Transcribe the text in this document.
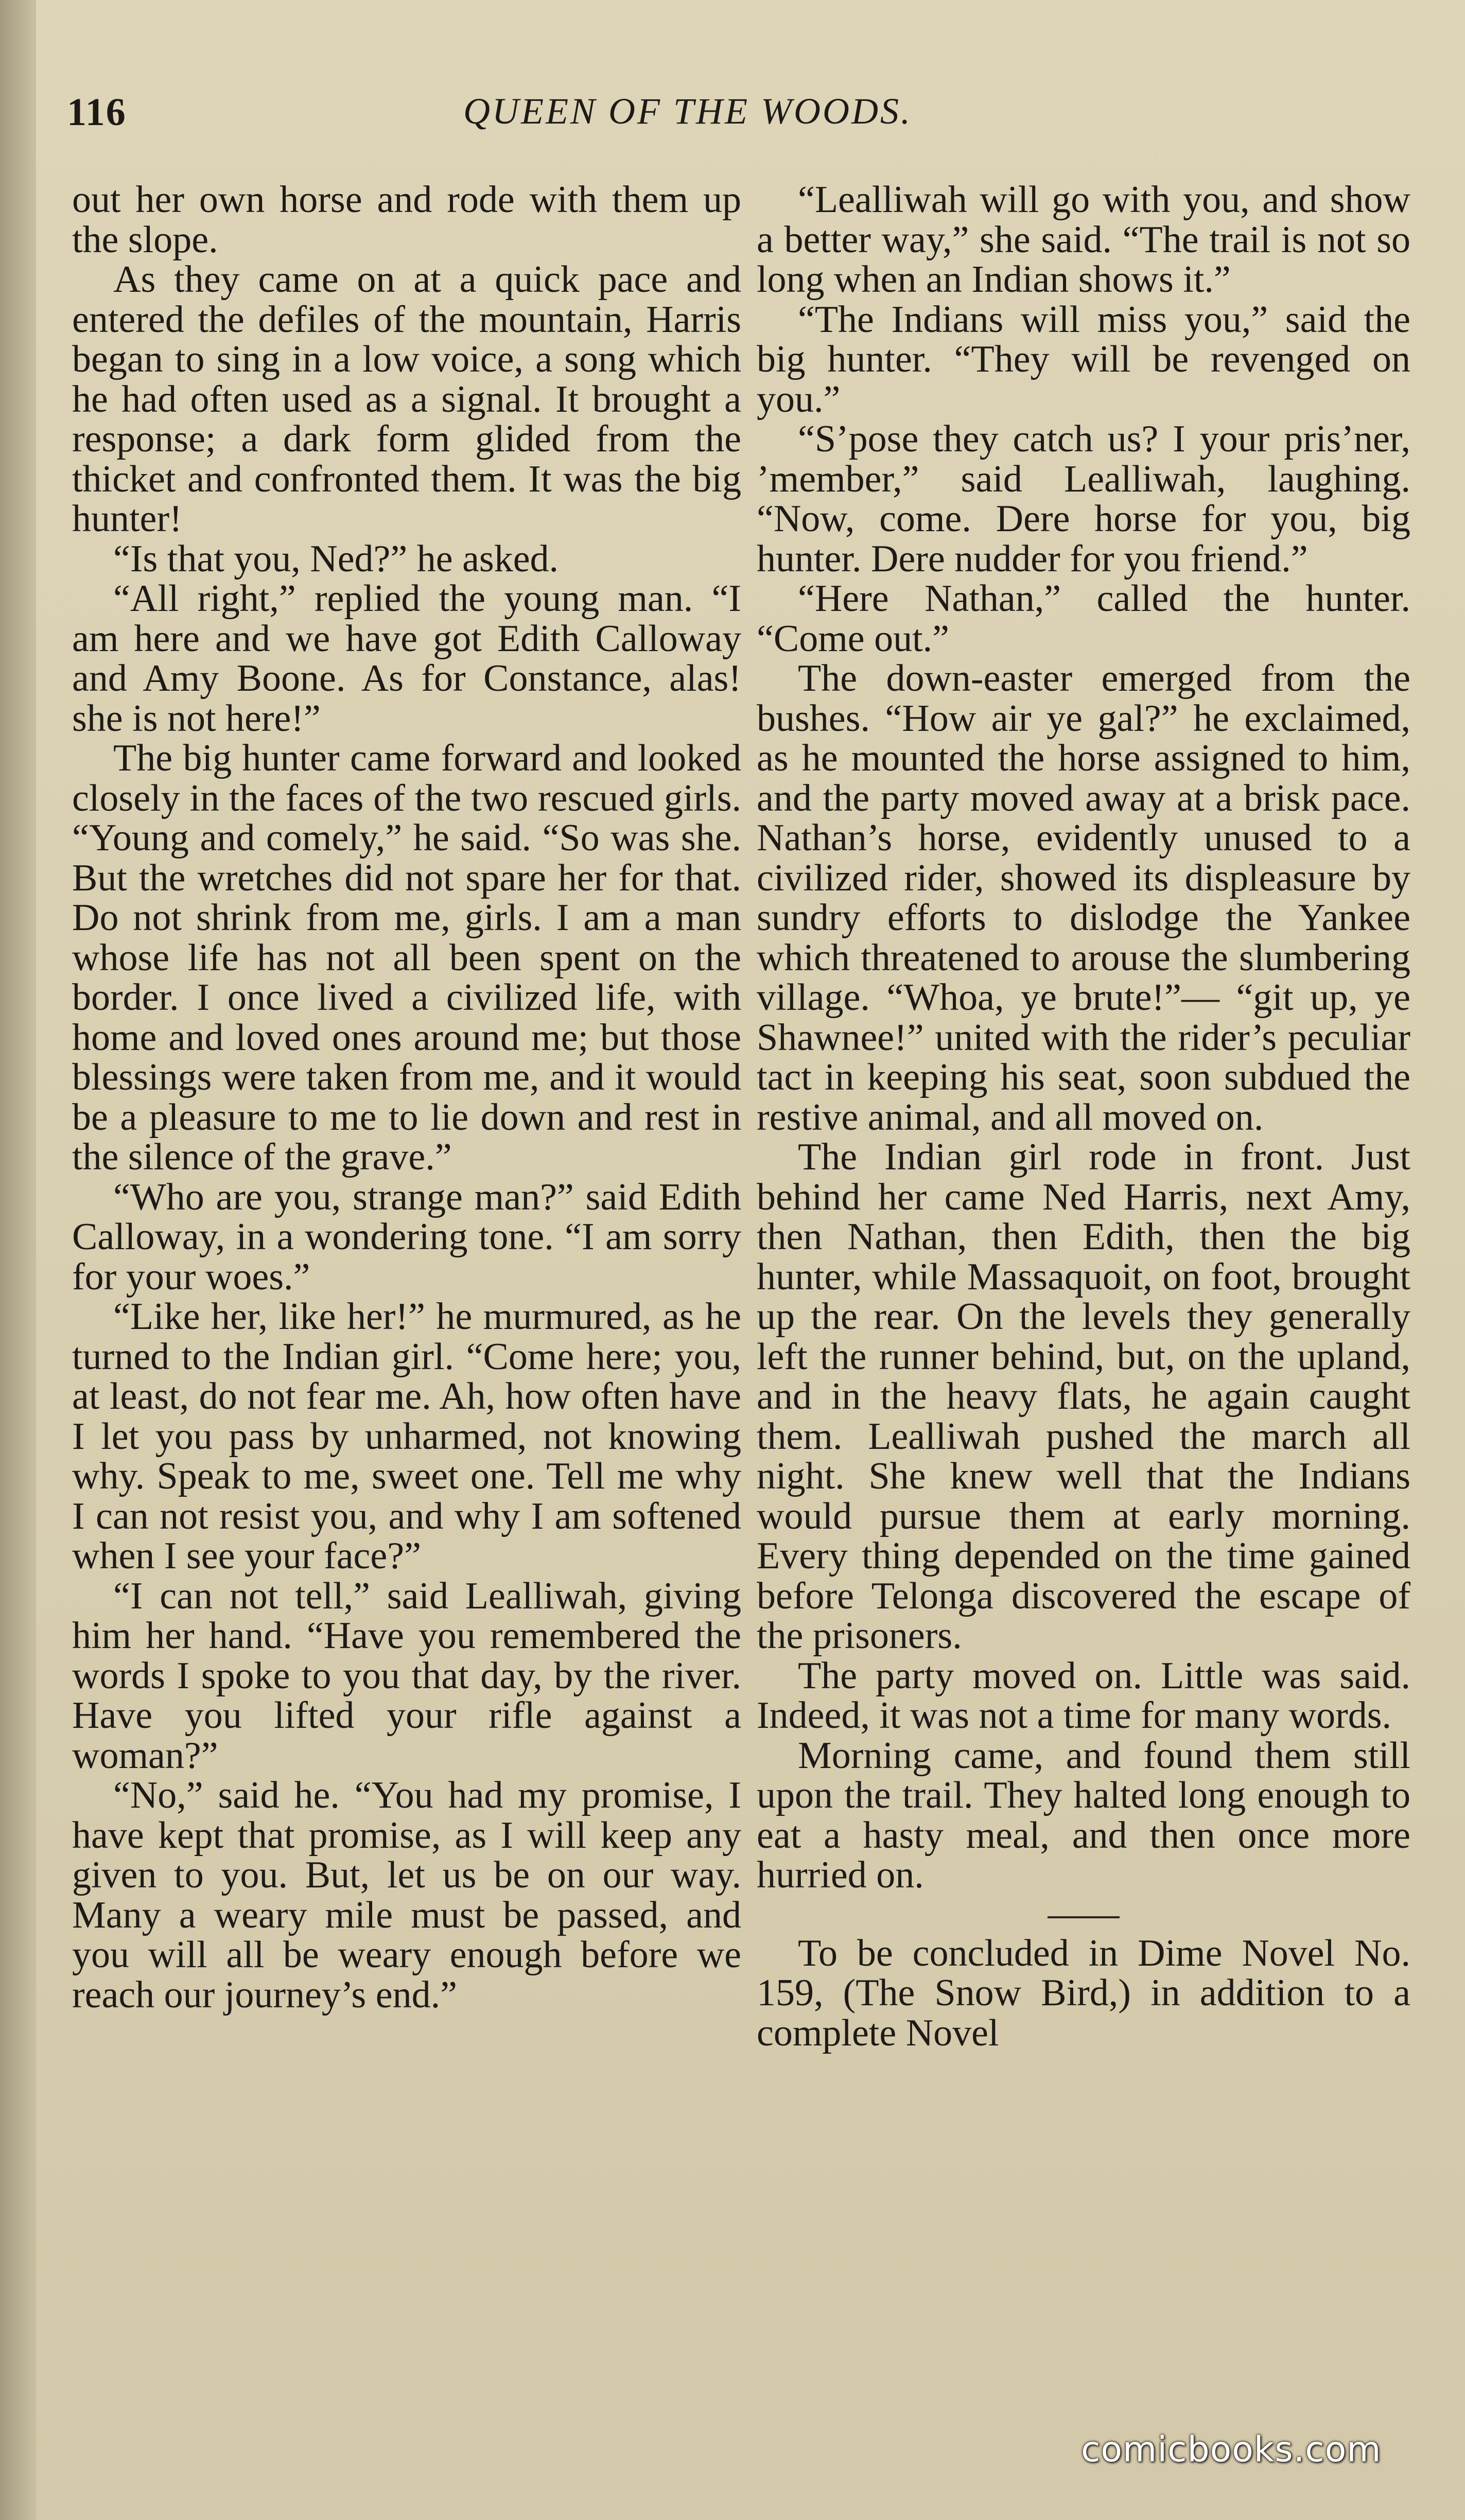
116	QUEEN OF THE WOODS.

out her own horse and rode with them up the slope.

As they came on at a quick pace and entered the defiles of the mountain, Harris began to sing in a low voice, a song which he had often used as a signal. It brought a response; a dark form glided from the thicket and confronted them. It was the big hunter!

“Is that you, Ned?” he asked.

“All right,” replied the young man. “I am here and we have got Edith Calloway and Amy Boone. As for Constance, alas! she is not here!”

The big hunter came forward and looked closely in the faces of the two rescued girls. “Young and comely,” he said. “So was she. But the wretches did not spare her for that. Do not shrink from me, girls. I am a man whose life has not all been spent on the border. I once lived a civilized life, with home and loved ones around me; but those blessings were taken from me, and it would be a pleasure to me to lie down and rest in the silence of the grave.”

“Who are you, strange man?” said Edith Calloway, in a wondering tone. “I am sorry for your woes.”

“Like her, like her!” he murmured, as he turned to the Indian girl. “Come here; you, at least, do not fear me. Ah, how often have I let you pass by unharmed, not knowing why. Speak to me, sweet one. Tell me why I can not resist you, and why I am softened when I see your face?”

“I can not tell,” said Lealliwah, giving him her hand. “Have you remembered the words I spoke to you that day, by the river. Have you lifted your rifle against a woman?”

“No,” said he. “You had my promise, I have kept that promise, as I will keep any given to you. But, let us be on our way. Many a weary mile must be passed, and you will all be weary enough before we reach our journey’s end.”

“Lealliwah will go with you, and show a better way,” she said. “The trail is not so long when an Indian shows it.”

“The Indians will miss you,” said the big hunter. “They will be revenged on you.”

“S’pose they catch us? I your pris’ner, ’member,” said Lealliwah, laughing. “Now, come. Dere horse for you, big hunter. Dere nudder for you friend.”

“Here Nathan,” called the hunter. “Come out.”

The down-easter emerged from the bushes. “How air ye gal?” he exclaimed, as he mounted the horse assigned to him, and the party moved away at a brisk pace. Nathan’s horse, evidently unused to a civilized rider, showed its displeasure by sundry efforts to dislodge the Yankee which threatened to arouse the slumbering village. “Whoa, ye brute!”— “git up, ye Shawnee!” united with the rider’s peculiar tact in keeping his seat, soon subdued the restive animal, and all moved on.

The Indian girl rode in front. Just behind her came Ned Harris, next Amy, then Nathan, then Edith, then the big hunter, while Massaquoit, on foot, brought up the rear. On the levels they generally left the runner behind, but, on the upland, and in the heavy flats, he again caught them. Lealliwah pushed the march all night. She knew well that the Indians would pursue them at early morning. Every thing depended on the time gained before Telonga discovered the escape of the prisoners.

The party moved on. Little was said. Indeed, it was not a time for many words.

Morning came, and found them still upon the trail. They halted long enough to eat a hasty meal, and then once more hurried on.

To be concluded in Dime Novel No. 159, (The Snow Bird,) in addition to a complete Novel

comicbooks.com
